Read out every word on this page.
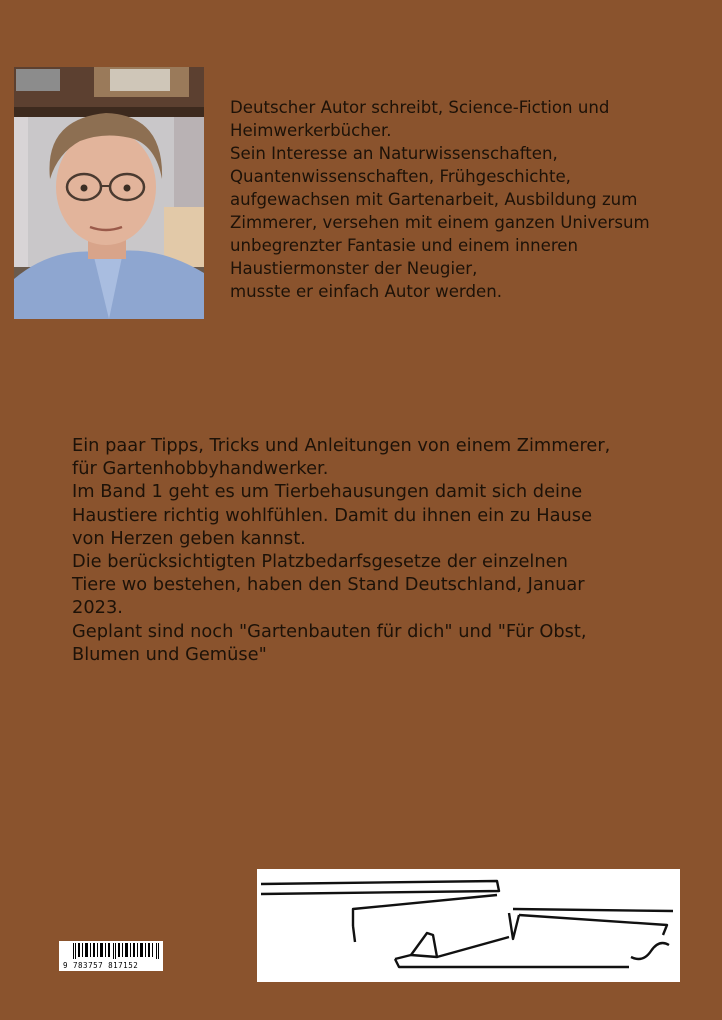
Deutscher Autor schreibt, Science-Fiction und
Heimwerkerbücher.
Sein Interesse an Naturwissenschaften,
Quantenwissenschaften, Frühgeschichte,
aufgewachsen mit Gartenarbeit, Ausbildung zum
Zimmerer, versehen mit einem ganzen Universum
unbegrenzter Fantasie und einem inneren
Haustiermonster der Neugier,
musste er einfach Autor werden.

Ein paar Tipps, Tricks und Anleitungen von einem Zimmerer,
für Gartenhobbyhandwerker.
Im Band 1 geht es um Tierbehausungen damit sich deine
Haustiere richtig wohlfühlen. Damit du ihnen ein zu Hause
von Herzen geben kannst.
Die berücksichtigten Platzbedarfsgesetze der einzelnen
Tiere wo bestehen, haben den Stand Deutschland, Januar
2023.
Geplant sind noch "Gartenbauten für dich" und "Für Obst,
Blumen und Gemüse"

9 783757 817152
